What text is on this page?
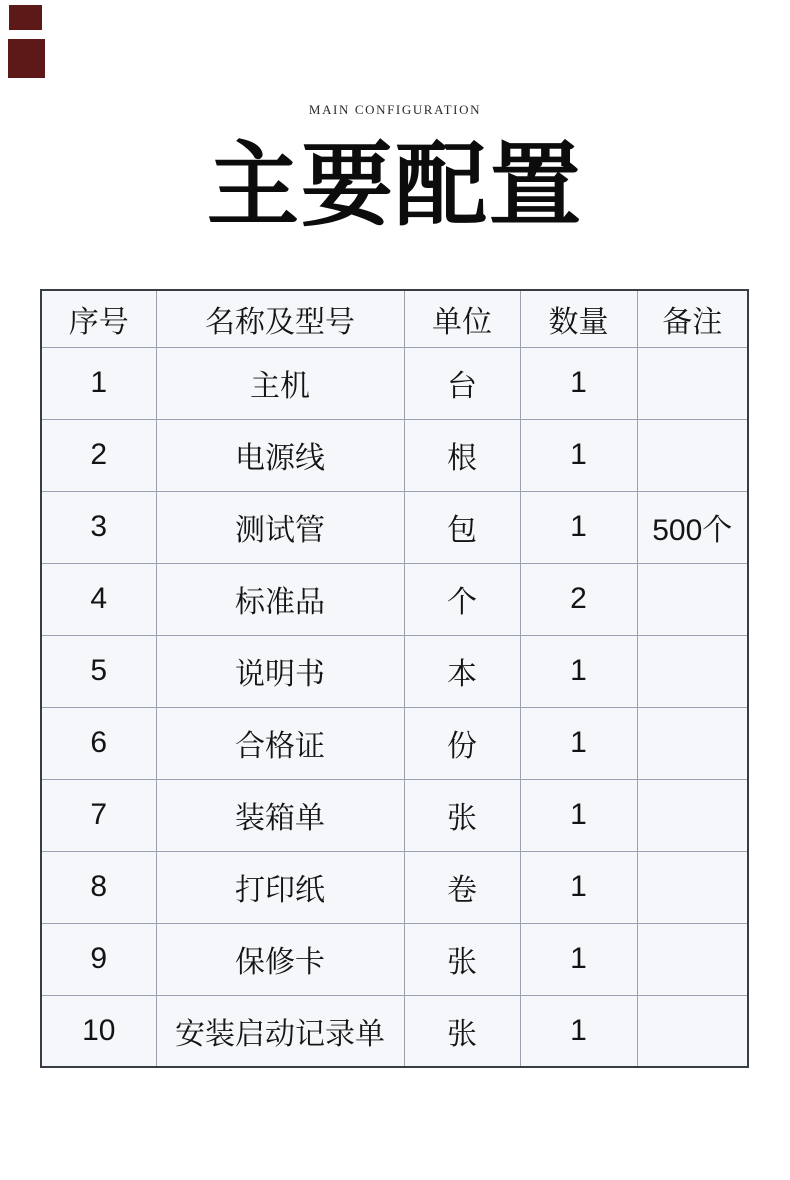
MAIN CONFIGURATION
主要配置
序号	名称及型号	单位	数量	备注
1	主机	台	1	
2	电源线	根	1	
3	测试管	包	1	500个
4	标准品	个	2	
5	说明书	本	1	
6	合格证	份	1	
7	装箱单	张	1	
8	打印纸	卷	1	
9	保修卡	张	1	
10	安装启动记录单	张	1	
